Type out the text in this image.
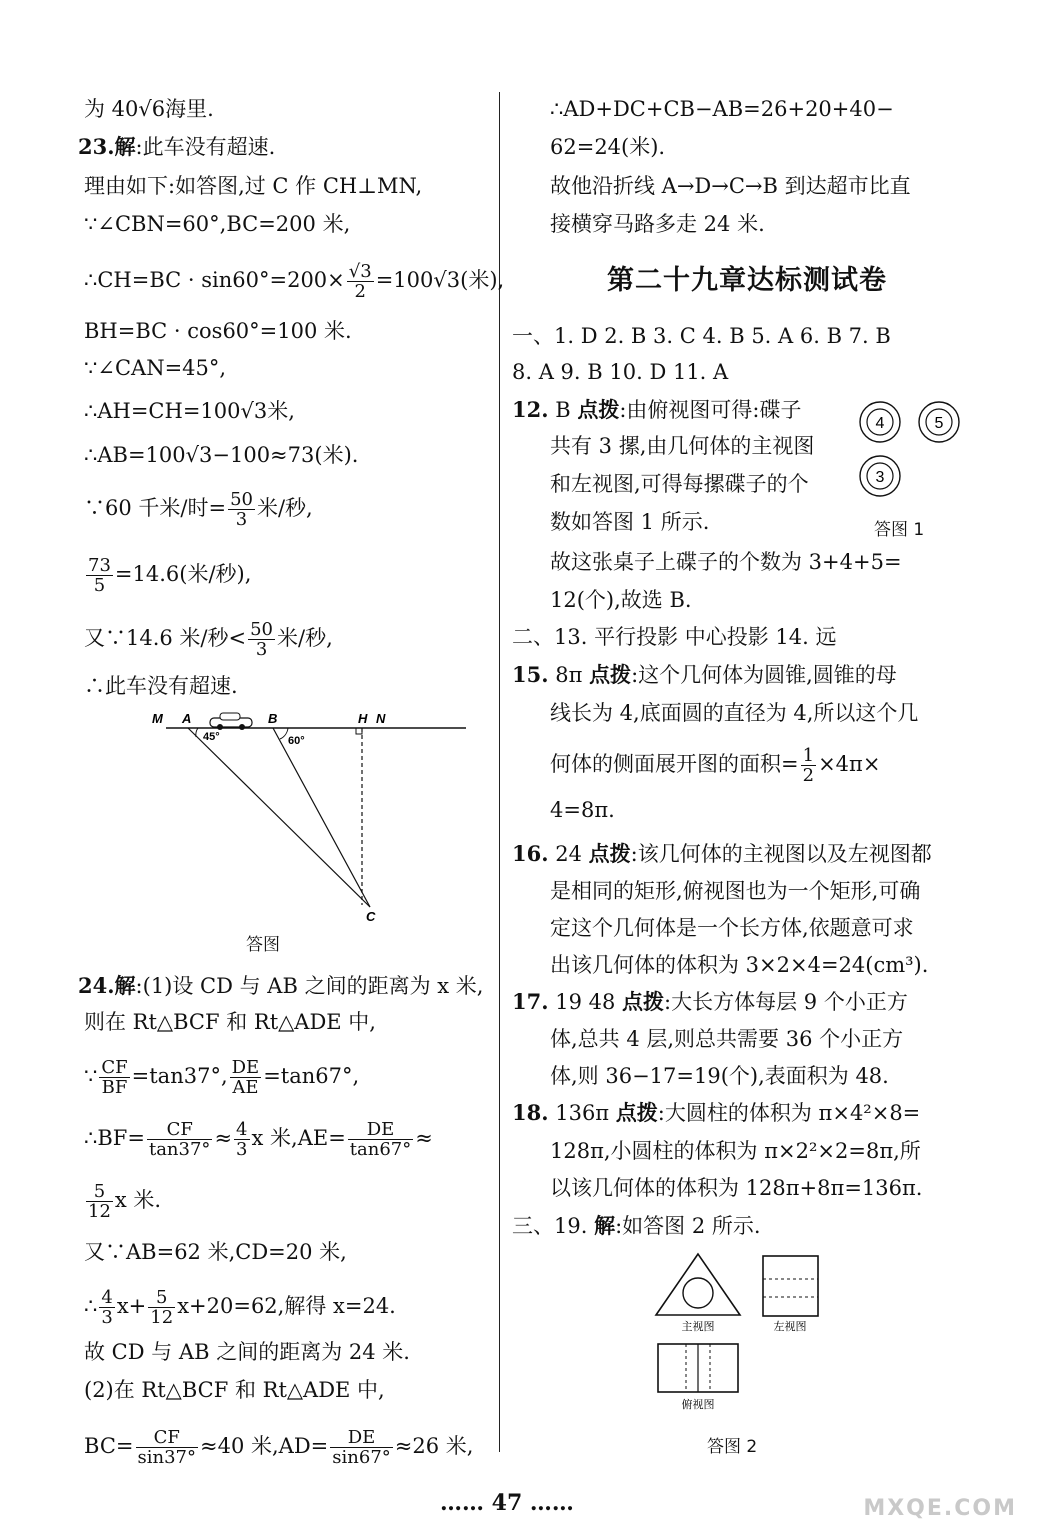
为 40√6海里.
23.解:此车没有超速.
理由如下:如答图,过 C 作 CH⊥MN,
∵∠CBN=60°,BC=200 米,
∴CH=BC · $\sin 60^\circ=200\times \frac{√3}{2} =100√3$(米),
BH=BC · cos60°=100 米.
∵∠CAN=45°,
∴AH=CH=100√3米,
∴AB=100√3−100≈73(米).
∵60 千米/时= $\frac{50}{3}$ 米/秒,
$\frac{73}{5} =14.6$(米/秒),
又∵14.6 米/秒< $\frac{50}{3}$ 米/秒,
∴此车没有超速.
M A	B	H N
C
45°	60°
答图
24.解:(1)设 CD 与 AB 之间的距离为 x 米,
则在 Rt△BCF 和 Rt△ADE 中,
∵ $\frac{CF}{BF} =\tan 37^\circ$, $\frac{DE}{AE} =\tan 67^\circ$,
∴BF= $\frac{CF}{\tan 37^\circ} \approx \frac{4}{3}$ x 米$,AE= \frac{DE}{\tan 67^\circ}$ ≈
$\frac{5}{12}$ x 米.
又∵AB=62 米,CD=20 米,
∴ $\frac{4}{3} x+ \frac{5}{12} x+20=62$,解得 x=24.
故 CD 与 AB 之间的距离为 24 米.
(2)在 Rt△BCF 和 Rt△ADE 中,
$BC= \frac{CF}{\sin 37^\circ} \approx 40$ 米$,AD= \frac{DE}{\sin 67^\circ} \approx 26$ 米,
∴AD+DC+CB−AB=26+20+40−
62=24(米).
故他沿折线 A→D→C→B 到达超市比直
接横穿马路多走 24 米.
第二十九章达标测试卷
一、1. D 2. B 3. C 4. B 5. A 6. B 7. B
8. A 9. B 10. D 11. A
12. B 点拨:由俯视图可得:碟子
共有 3 摞,由几何体的主视图
和左视图,可得每摞碟子的个
数如答图 1 所示.
4	5
3
答图 1
故这张桌子上碟子的个数为 3+4+5=
12(个),故选 B.
二、13. 平行投影 中心投影 14. 远
15. 8π 点拨:这个几何体为圆锥,圆锥的母
线长为 4,底面圆的直径为 4,所以这个几
何体的侧面展开图的面积= $\frac{1}{2} \times 4\pi\times$
4=8π.
16. 24 点拨:该几何体的主视图以及左视图都
是相同的矩形,俯视图也为一个矩形,可确
定这个几何体是一个长方体,依题意可求
出该几何体的体积为 3×2×4=24(cm³).
17. 19 48 点拨:大长方体每层 9 个小正方
体,总共 4 层,则总共需要 36 个小正方
体,则 36−17=19(个),表面积为 48.
18. 136π 点拨:大圆柱的体积为 π×4²×8=
128π,小圆柱的体积为 π×2²×2=8π,所
以该几何体的体积为 128π+8π=136π.
三、19. 解:如答图 2 所示.
主视图	左视图
俯视图
答图 2
…… 47 ……	MXQE.COM
